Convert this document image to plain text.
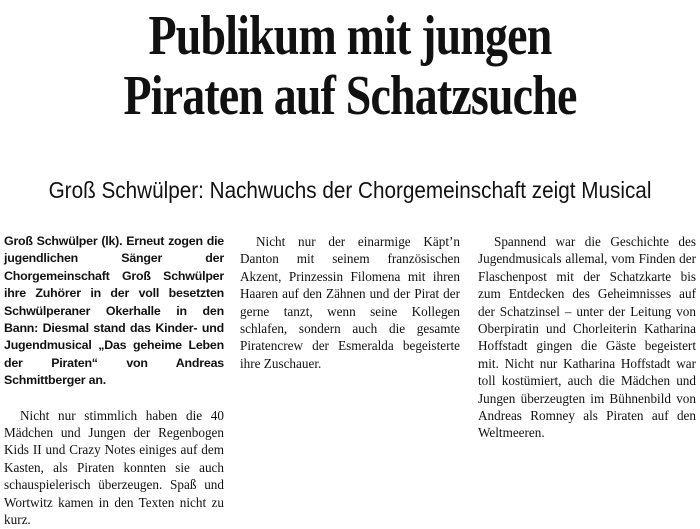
Publikum mit jungen
Piraten auf Schatzsuche
Groß Schwülper: Nachwuchs der Chorgemeinschaft zeigt Musical

Groß Schwülper (lk). Erneut zogen die jugendlichen Sänger der Chorgemeinschaft Groß Schwülper ihre Zuhörer in der voll besetzten Schwülperaner Okerhalle in den Bann: Diesmal stand das Kinder- und Jugendmusical „Das geheime Leben der Piraten“ von Andreas Schmittberger an.

Nicht nur stimmlich haben die 40 Mädchen und Jungen der Regenbogen Kids II und Crazy Notes einiges auf dem Kasten, als Piraten konnten sie auch schauspielerisch überzeugen. Spaß und Wortwitz kamen in den Texten nicht zu kurz.

Nicht nur der einarmige Käpt’n Danton mit seinem französischen Akzent, Prinzessin Filomena mit ihren Haaren auf den Zähnen und der Pirat der gerne tanzt, wenn seine Kollegen schlafen, sondern auch die gesamte Piratencrew der Esmeralda begeisterte ihre Zuschauer.

Spannend war die Geschichte des Jugendmusicals allemal, vom Finden der Flaschenpost mit der Schatzkarte bis zum Entdecken des Geheimnisses auf der Schatzinsel – unter der Leitung von Oberpiratin und Chorleiterin Katharina Hoffstadt gingen die Gäste begeistert mit. Nicht nur Katharina Hoffstadt war toll kostümiert, auch die Mädchen und Jungen überzeugten im Bühnenbild von Andreas Romney als Piraten auf den Weltmeeren.
